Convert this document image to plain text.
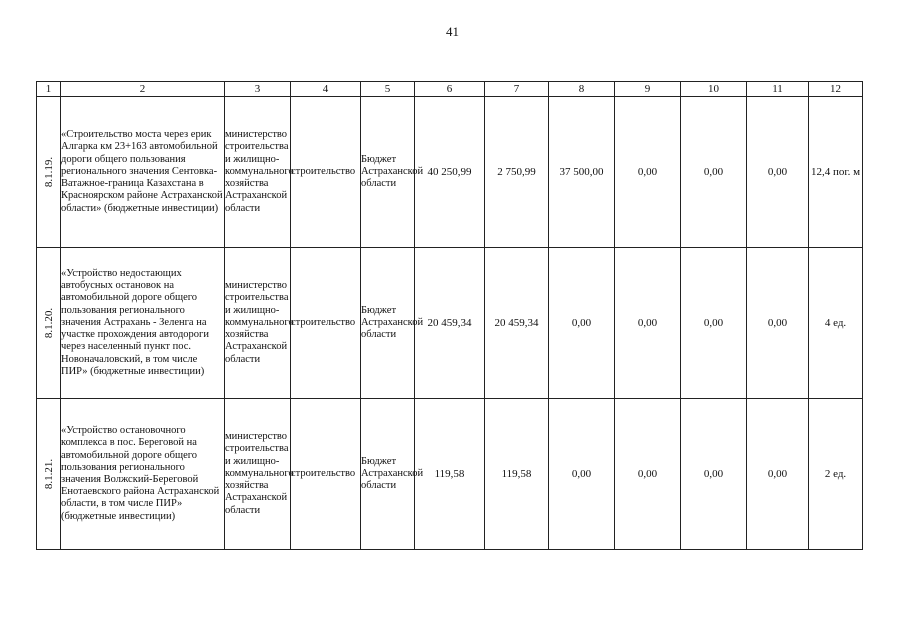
41
1	2	3	4	5	6	7	8	9	10	11	12

8.1.19.	«Строительство моста через ерик Алгарка км 23+163 автомобильной дороги общего пользования регионального значения Сентовка-Ватажное-граница Казахстана в Красноярском районе Астраханской области» (бюджетные инвестиции)	министерство строительства и жилищно-коммунального хозяйства Астраханской области	строительство	Бюджет Астраханской области	40 250,99	2 750,99	37 500,00	0,00	0,00	0,00	12,4 пог. м

8.1.20.	«Устройство недостающих автобусных остановок на автомобильной дороге общего пользования регионального значения Астрахань - Зеленга на участке прохождения автодороги через населенный пункт пос. Новоначаловский, в том числе ПИР» (бюджетные инвестиции)	министерство строительства и жилищно-коммунального хозяйства Астраханской области	строительство	Бюджет Астраханской области	20 459,34	20 459,34	0,00	0,00	0,00	0,00	4 ед.

8.1.21.	«Устройство остановочного комплекса в пос. Береговой на автомобильной дороге общего пользования регионального значения Волжский-Береговой Енотаевского района Астраханской области, в том числе ПИР» (бюджетные инвестиции)	министерство строительства и жилищно-коммунального хозяйства Астраханской области	строительство	Бюджет Астраханской области	119,58	119,58	0,00	0,00	0,00	0,00	2 ед.
